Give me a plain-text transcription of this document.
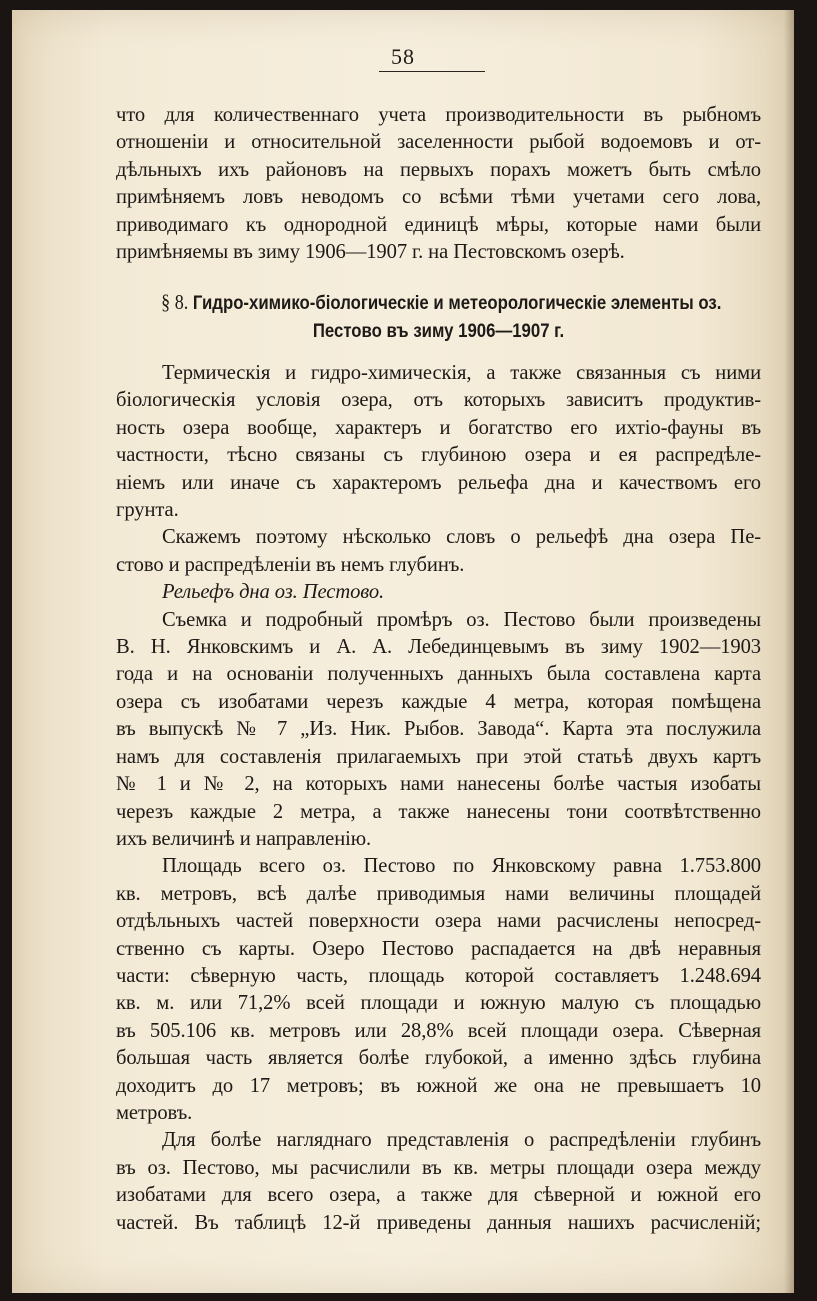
58

что для количественнаго учета производительности въ рыбномъ

отношеніи и относительной заселенности рыбой водоемовъ и от-

дѣльныхъ ихъ районовъ на первыхъ порахъ можетъ быть смѣло

примѣняемъ ловъ неводомъ со всѣми тѣми учетами сего лова,

приводимаго къ однородной единицѣ мѣры, которые нами были

примѣняемы въ зиму 1906—1907 г. на Пестовскомъ озерѣ.

§ 8. Гидро-химико-біологическіе и метеорологическіе элементы оз.
Пестово въ зиму 1906—1907 г.

Термическія и гидро-химическія, а также связанныя съ ними

біологическія условія озера, отъ которыхъ зависитъ продуктив-

ность озера вообще, характеръ и богатство его ихтіо-фауны въ

частности, тѣсно связаны съ глубиною озера и ея распредѣле-

ніемъ или иначе съ характеромъ рельефа дна и качествомъ его

грунта.

Скажемъ поэтому нѣсколько словъ о рельефѣ дна озера Пе-

стово и распредѣленіи въ немъ глубинъ.

Рельефъ дна оз. Пестово.

Съемка и подробный промѣръ оз. Пестово были произведены

В. Н. Янковскимъ и А. А. Лебединцевымъ въ зиму 1902—1903

года и на основаніи полученныхъ данныхъ была составлена карта

озера съ изобатами черезъ каждые 4 метра, которая помѣщена

въ выпускѣ № 7 „Из. Ник. Рыбов. Завода“. Карта эта послужила

намъ для составленія прилагаемыхъ при этой статьѣ двухъ картъ

№ 1 и № 2, на которыхъ нами нанесены болѣе частыя изобаты

черезъ каждые 2 метра, а также нанесены тони соотвѣтственно

ихъ величинѣ и направленію.

Площадь всего оз. Пестово по Янковскому равна 1.753.800

кв. метровъ, всѣ далѣе приводимыя нами величины площадей

отдѣльныхъ частей поверхности озера нами расчислены непосред-

ственно съ карты. Озеро Пестово распадается на двѣ неравныя

части: сѣверную часть, площадь которой составляетъ 1.248.694

кв. м. или 71,2% всей площади и южную малую съ площадью

въ 505.106 кв. метровъ или 28,8% всей площади озера. Сѣверная

большая часть является болѣе глубокой, а именно здѣсь глубина

доходитъ до 17 метровъ; въ южной же она не превышаетъ 10

метровъ.

Для болѣе нагляднаго представленія о распредѣленіи глубинъ

въ оз. Пестово, мы расчислили въ кв. метры площади озера между

изобатами для всего озера, а также для сѣверной и южной его

частей. Въ таблицѣ 12-й приведены данныя нашихъ расчисленій;
